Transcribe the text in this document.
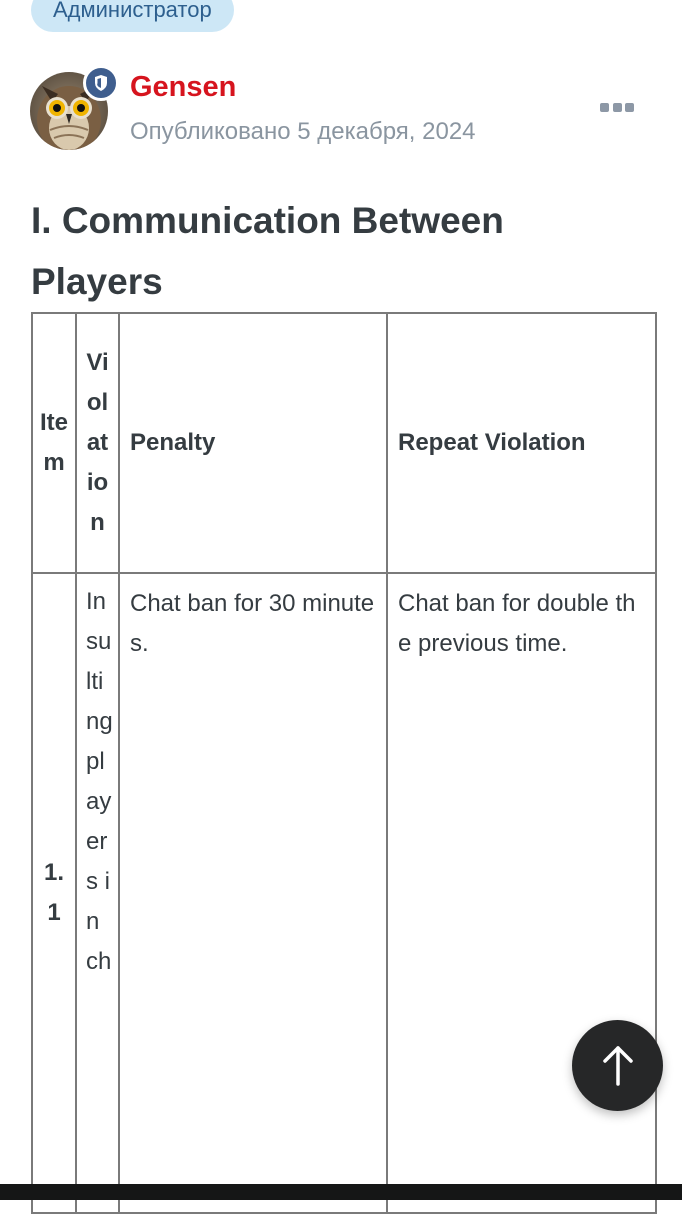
Администратор
Gensen
Опубликовано 5 декабря, 2024
I. Communication Between Players
Item	Violation	Penalty	Repeat Violation
1.1	Insulting players in ch	Chat ban for 30 minutes.	Chat ban for double the previous time.
